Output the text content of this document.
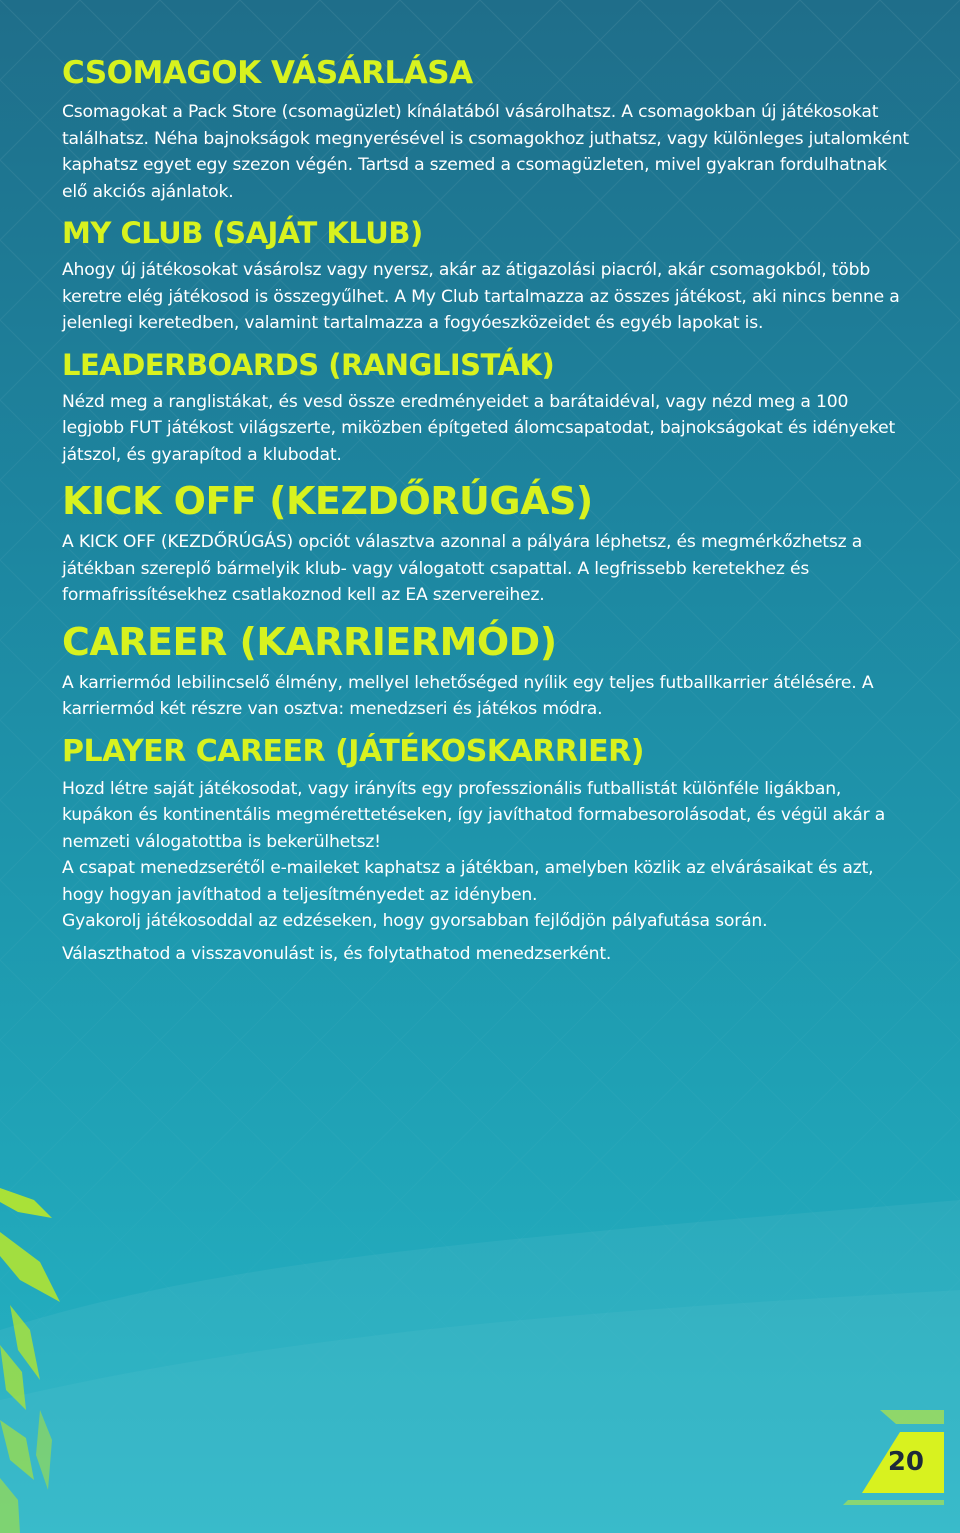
CSOMAGOK VÁSÁRLÁSA

Csomagokat a Pack Store (csomagüzlet) kínálatából vásárolhatsz. A csomagokban új játékosokat találhatsz. Néha bajnokságok megnyerésével is csomagokhoz juthatsz, vagy különleges jutalomként kaphatsz egyet egy szezon végén. Tartsd a szemed a csomagüzleten, mivel gyakran fordulhatnak elő akciós ajánlatok.

MY CLUB (SAJÁT KLUB)

Ahogy új játékosokat vásárolsz vagy nyersz, akár az átigazolási piacról, akár csomagokból, több keretre elég játékosod is összegyűlhet. A My Club tartalmazza az összes játékost, aki nincs benne a jelenlegi keretedben, valamint tartalmazza a fogyóeszközeidet és egyéb lapokat is.

LEADERBOARDS (RANGLISTÁK)

Nézd meg a ranglistákat, és vesd össze eredményeidet a barátaidéval, vagy nézd meg a 100 legjobb FUT játékost világszerte, miközben építgeted álomcsapatodat, bajnokságokat és idényeket játszol, és gyarapítod a klubodat.

KICK OFF (KEZDŐRÚGÁS)

A KICK OFF (KEZDŐRÚGÁS) opciót választva azonnal a pályára léphetsz, és megmérkőzhetsz a játékban szereplő bármelyik klub- vagy válogatott csapattal. A legfrissebb keretekhez és formafrissítésekhez csatlakoznod kell az EA szervereihez.

CAREER (KARRIERMÓD)

A karriermód lebilincselő élmény, mellyel lehetőséged nyílik egy teljes futballkarrier átélésére. A karriermód két részre van osztva: menedzseri és játékos módra.

PLAYER CAREER (JÁTÉKOSKARRIER)

Hozd létre saját játékosodat, vagy irányíts egy professzionális futballistát különféle ligákban, kupákon és kontinentális megmérettetéseken, így javíthatod formabesorolásodat, és végül akár a nemzeti válogatottba is bekerülhetsz!

A csapat menedzserétől e-maileket kaphatsz a játékban, amelyben közlik az elvárásaikat és azt, hogy hogyan javíthatod a teljesítményedet az idényben.

Gyakorolj játékosoddal az edzéseken, hogy gyorsabban fejlődjön pályafutása során.

Választhatod a visszavonulást is, és folytathatod menedzserként.

20
